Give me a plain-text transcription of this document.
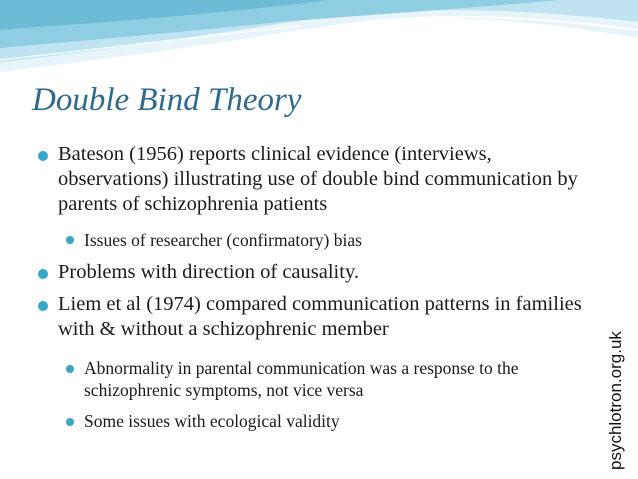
Double Bind Theory
Bateson (1956) reports clinical evidence (interviews, observations) illustrating use of double bind communication by parents of schizophrenia patients
Issues of researcher (confirmatory) bias
Problems with direction of causality.
Liem et al (1974) compared communication patterns in families with & without a schizophrenic member
Abnormality in parental communication was a response to the schizophrenic symptoms, not vice versa
Some issues with ecological validity	psychlotron.org.uk
